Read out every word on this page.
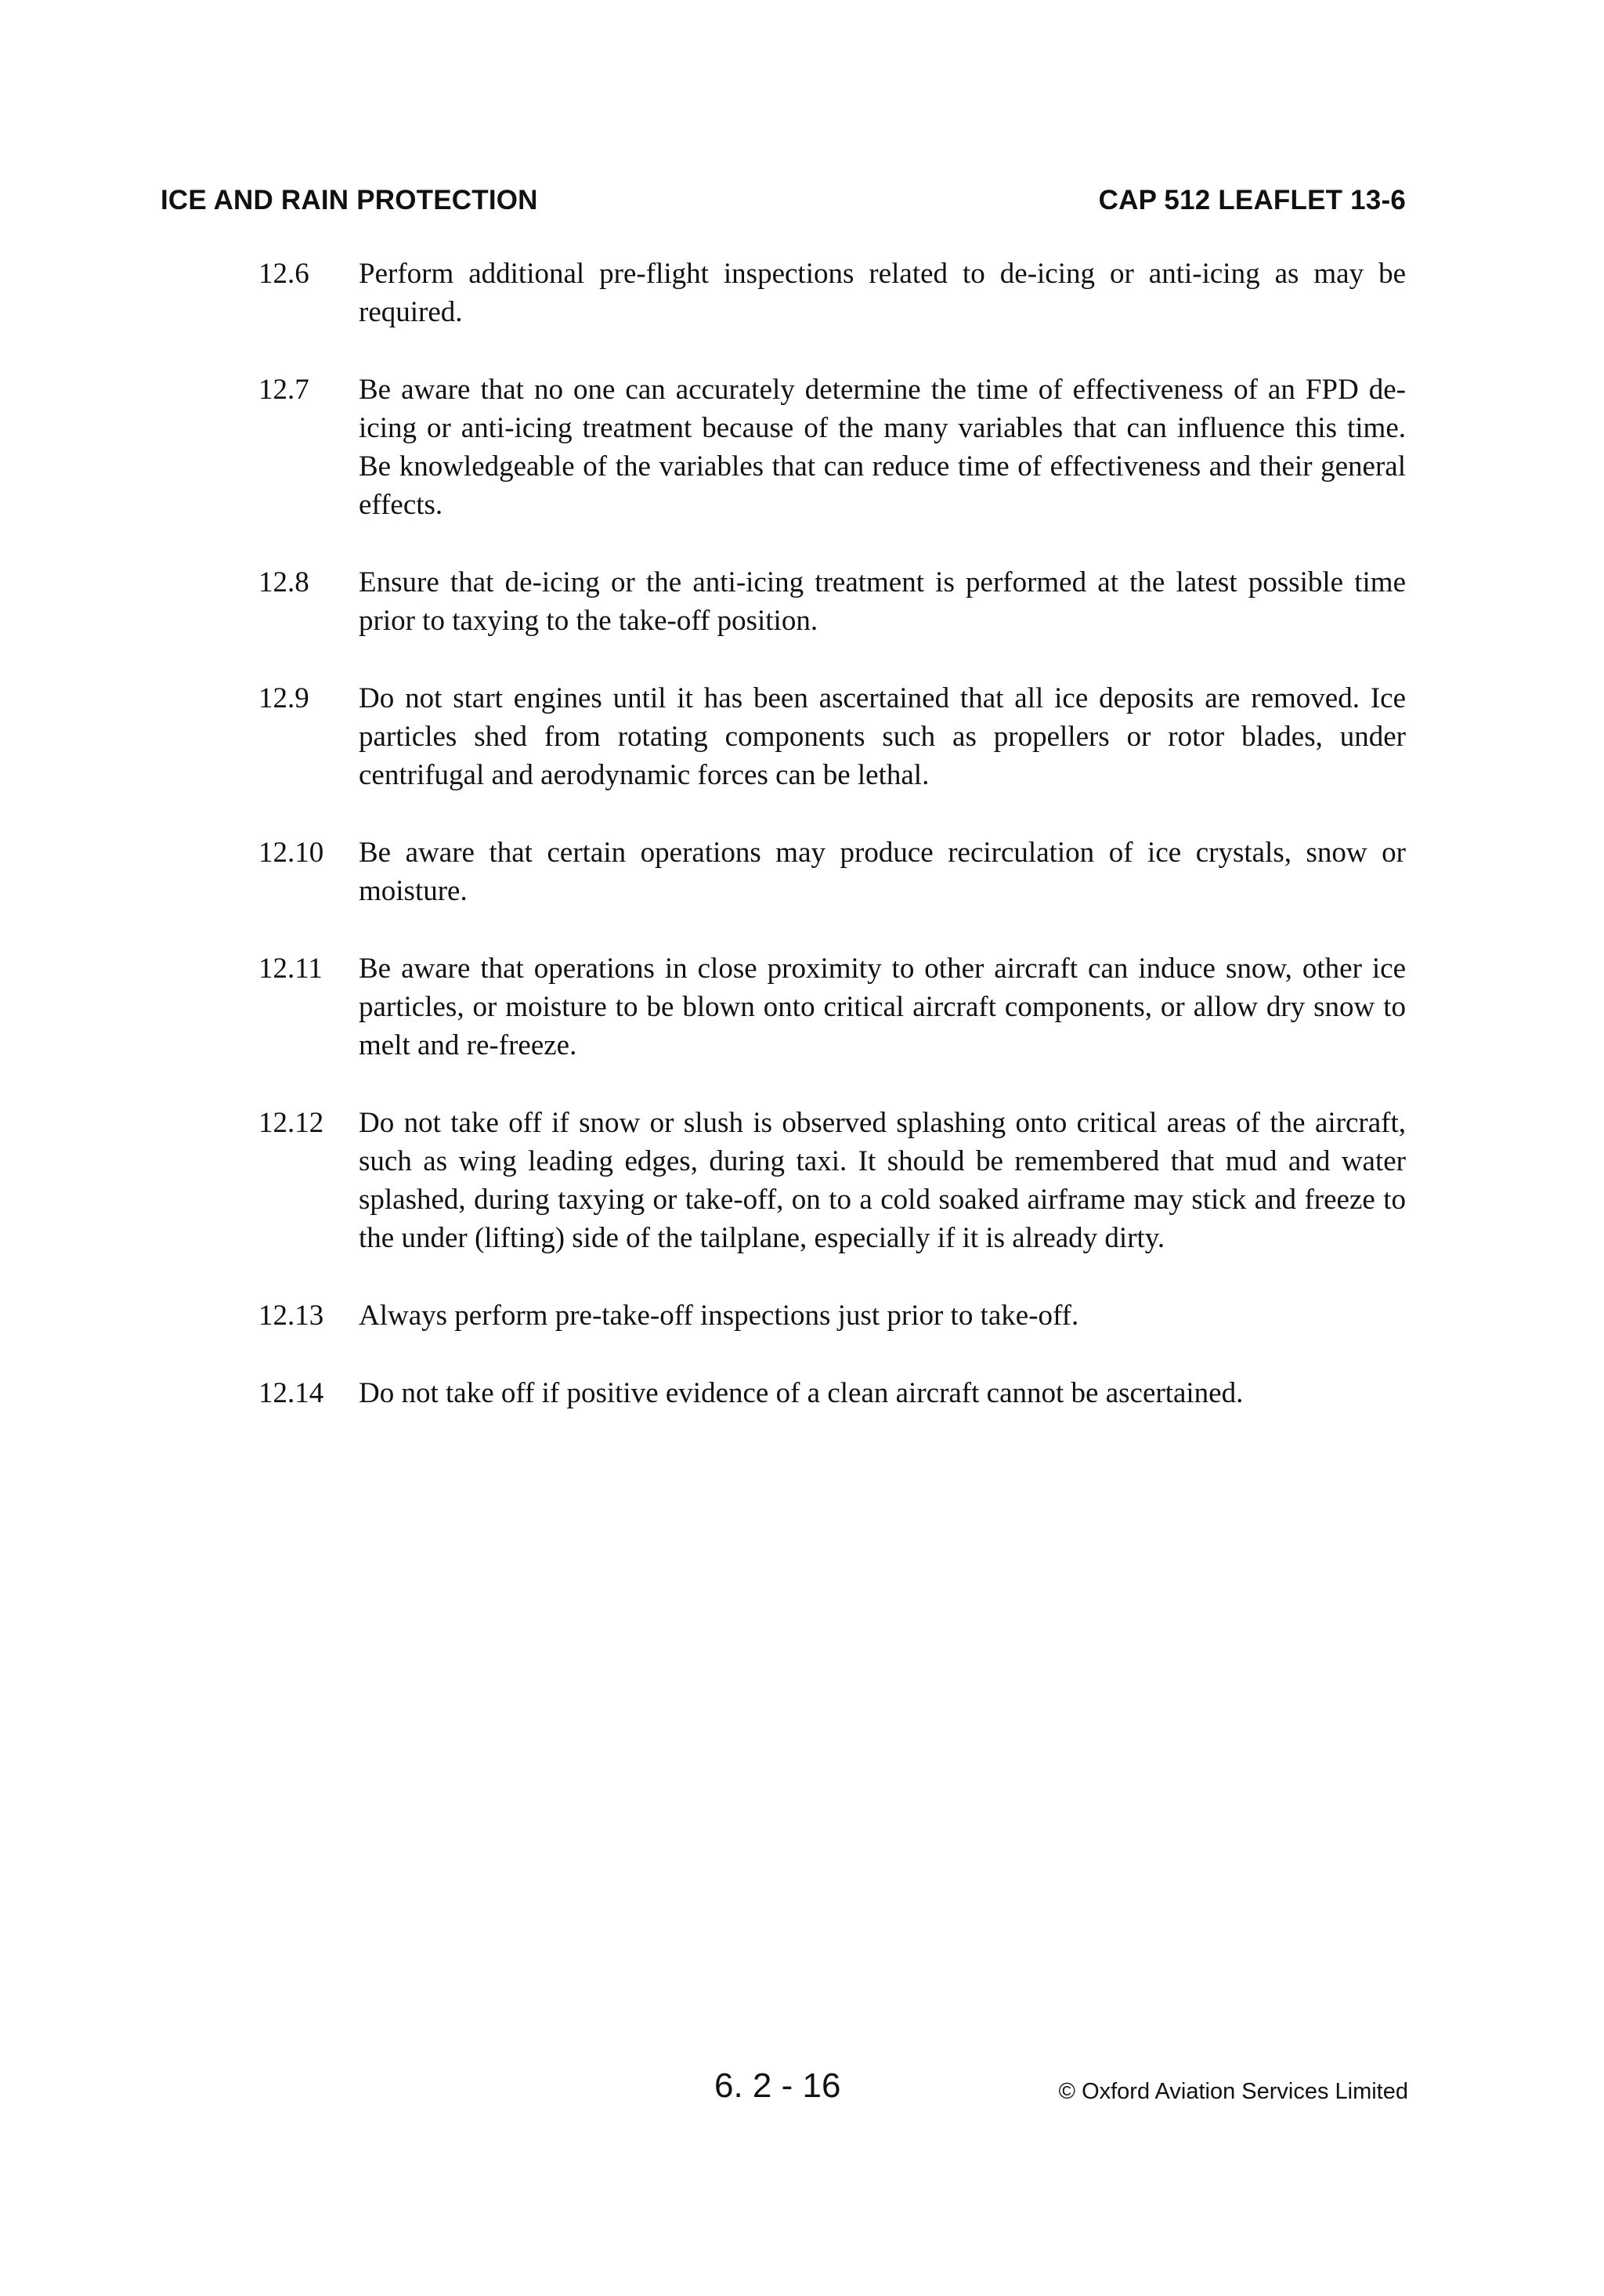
ICE AND RAIN PROTECTION	CAP 512 LEAFLET 13-6
12.6	Perform additional pre-flight inspections related to de-icing or anti-icing as may be required.
12.7	Be aware that no one can accurately determine the time of effectiveness of an FPD de-icing or anti-icing treatment because of the many variables that can influence this time. Be knowledgeable of the variables that can reduce time of effectiveness and their general effects.
12.8	Ensure that de-icing or the anti-icing treatment is performed at the latest possible time prior to taxying to the take-off position.
12.9	Do not start engines until it has been ascertained that all ice deposits are removed. Ice particles shed from rotating components such as propellers or rotor blades, under centrifugal and aerodynamic forces can be lethal.
12.10	Be aware that certain operations may produce recirculation of ice crystals, snow or moisture.
12.11	Be aware that operations in close proximity to other aircraft can induce snow, other ice particles, or moisture to be blown onto critical aircraft components, or allow dry snow to melt and re-freeze.
12.12	Do not take off if snow or slush is observed splashing onto critical areas of the aircraft, such as wing leading edges, during taxi. It should be remembered that mud and water splashed, during taxying or take-off, on to a cold soaked airframe may stick and freeze to the under (lifting) side of the tailplane, especially if it is already dirty.
12.13	Always perform pre-take-off inspections just prior to take-off.
12.14	Do not take off if positive evidence of a clean aircraft cannot be ascertained.
6. 2 - 16	© Oxford Aviation Services Limited
